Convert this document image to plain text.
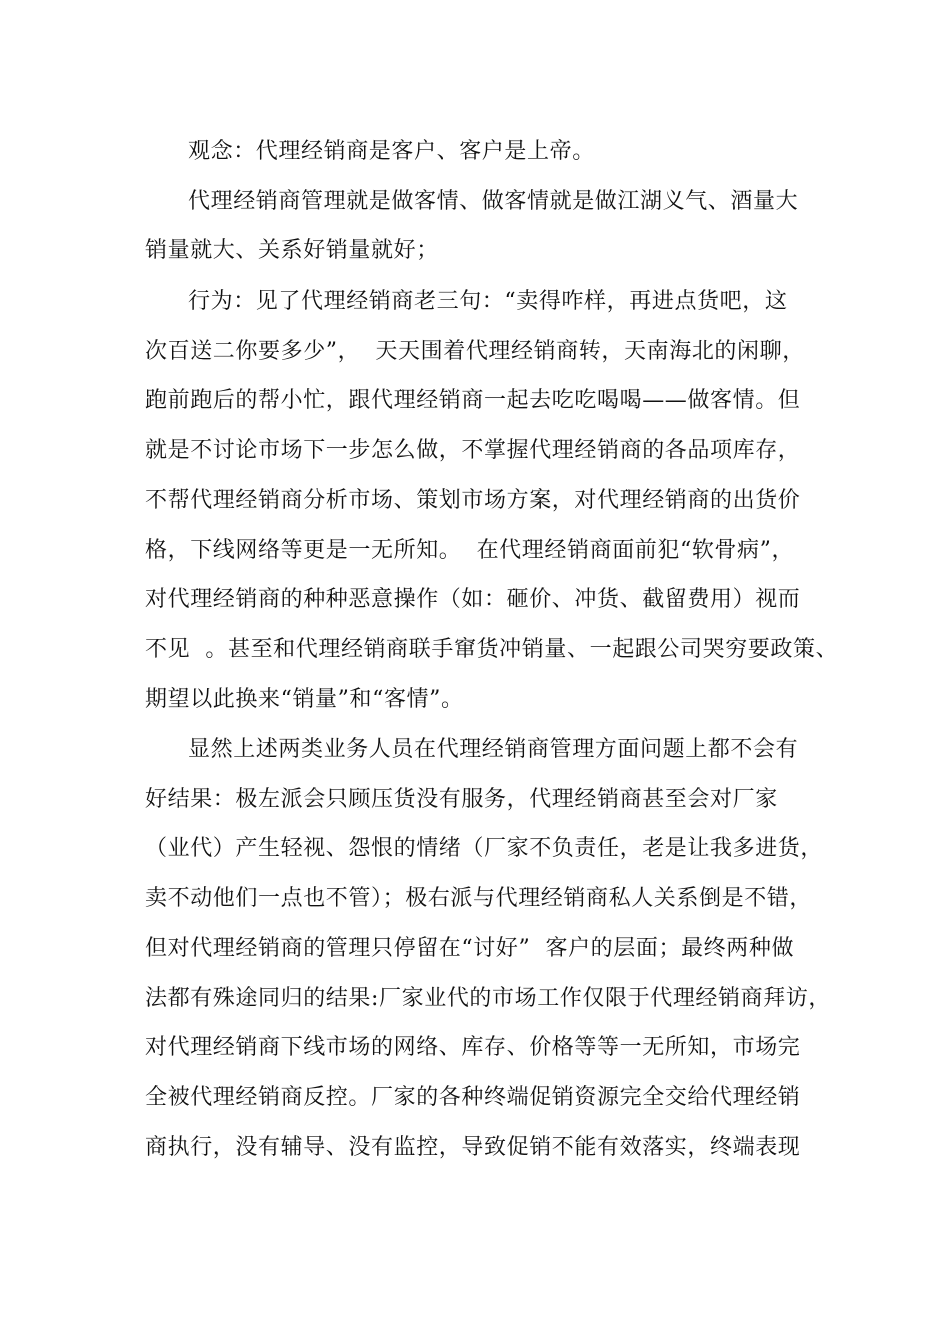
观念：代理经销商是客户、客户是上帝。
代理经销商管理就是做客情、做客情就是做江湖义气、酒量大
销量就大、关系好销量就好；
行为：见了代理经销商老三句：“卖得咋样，再进点货吧，这
次百送二你要多少”，  天天围着代理经销商转，天南海北的闲聊，
跑前跑后的帮小忙，跟代理经销商一起去吃吃喝喝——做客情。但
就是不讨论市场下一步怎么做，不掌握代理经销商的各品项库存，
不帮代理经销商分析市场、策划市场方案，对代理经销商的出货价
格，下线网络等更是一无所知。  在代理经销商面前犯“软骨病”，
对代理经销商的种种恶意操作（如：砸价、冲货、截留费用）视而
不见  。甚至和代理经销商联手窜货冲销量、一起跟公司哭穷要政策、
期望以此换来“销量”和“客情”。
显然上述两类业务人员在代理经销商管理方面问题上都不会有
好结果：极左派会只顾压货没有服务，代理经销商甚至会对厂家
（业代）产生轻视、怨恨的情绪（厂家不负责任，老是让我多进货，
卖不动他们一点也不管）；极右派与代理经销商私人关系倒是不错，
但对代理经销商的管理只停留在“讨好”  客户的层面；最终两种做
法都有殊途同归的结果:厂家业代的市场工作仅限于代理经销商拜访，
对代理经销商下线市场的网络、库存、价格等等一无所知，市场完
全被代理经销商反控。厂家的各种终端促销资源完全交给代理经销
商执行，没有辅导、没有监控，导致促销不能有效落实，终端表现
